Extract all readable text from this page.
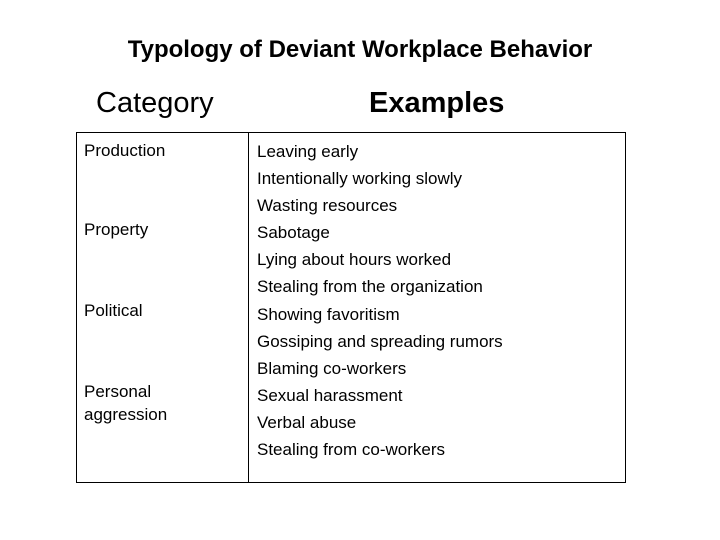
Typology of Deviant Workplace Behavior
Category	Examples
Production
Property
Political
Personal aggression
Leaving early
Intentionally working slowly
Wasting resources
Sabotage
Lying about hours worked
Stealing from the organization
Showing favoritism
Gossiping and spreading rumors
Blaming co-workers
Sexual harassment
Verbal abuse
Stealing from co-workers
